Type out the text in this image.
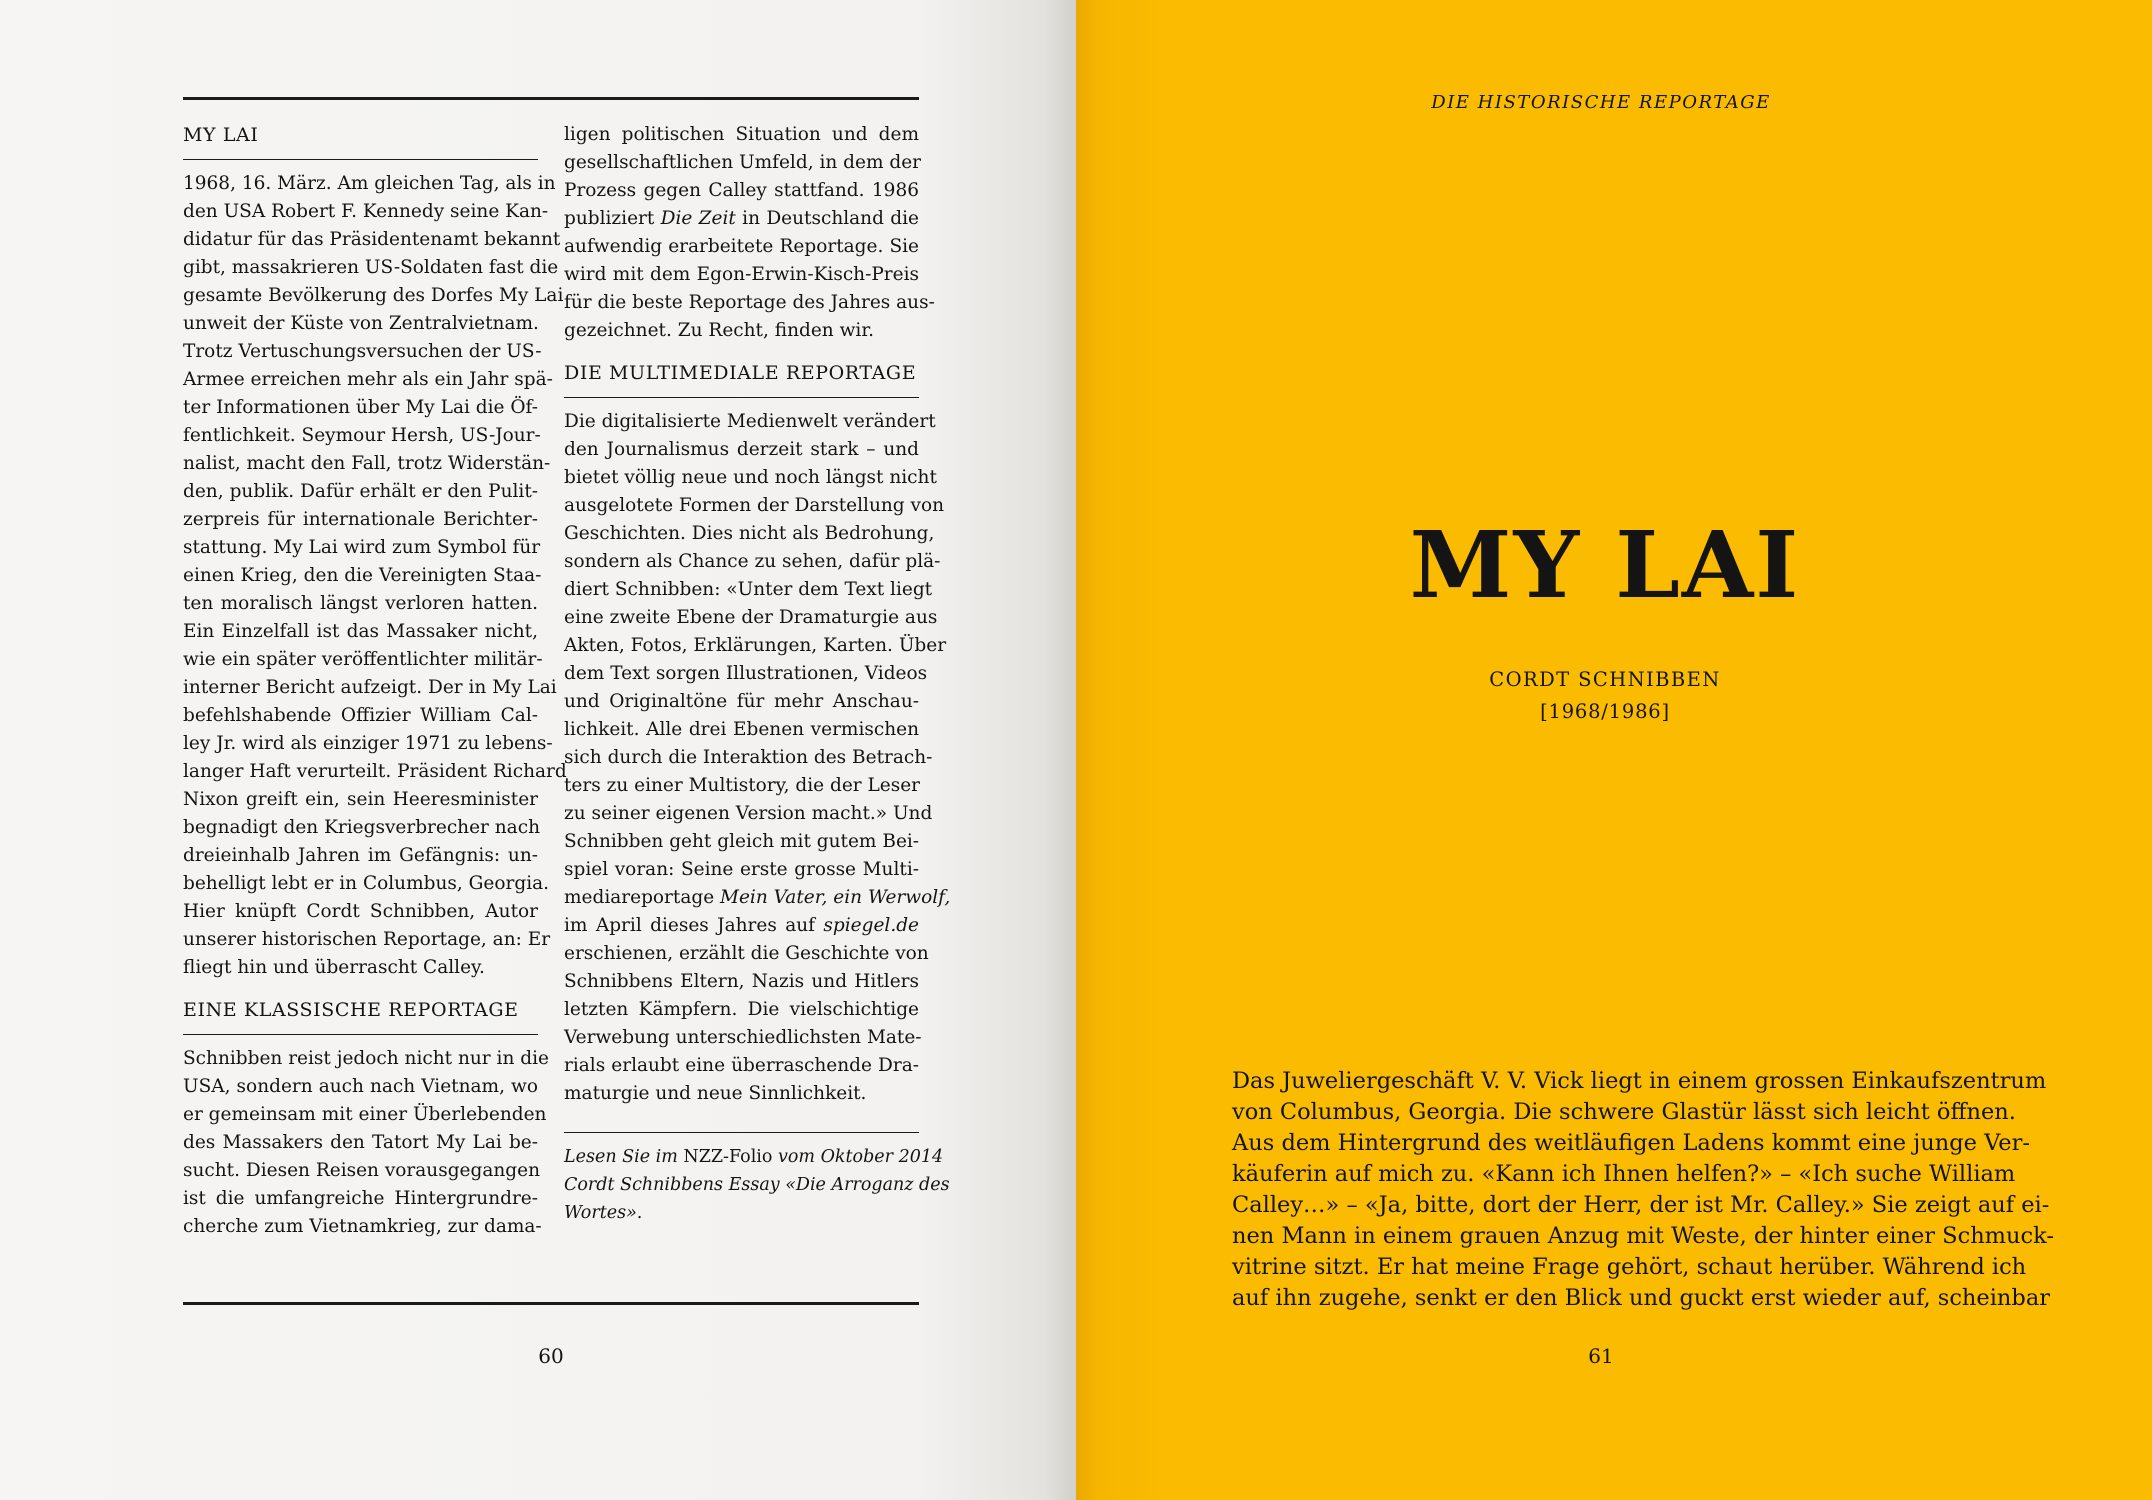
MY LAI
1968, 16. März. Am gleichen Tag, als in
den USA Robert F. Kennedy seine Kan-
didatur für das Präsidentenamt bekannt
gibt, massakrieren US-Soldaten fast die
gesamte Bevölkerung des Dorfes My Lai
unweit der Küste von Zentralvietnam.
Trotz Vertuschungsversuchen der US-
Armee erreichen mehr als ein Jahr spä-
ter Informationen über My Lai die Öf-
fentlichkeit. Seymour Hersh, US-Jour-
nalist, macht den Fall, trotz Widerstän-
den, publik. Dafür erhält er den Pulit-
zerpreis für internationale Berichter-
stattung. My Lai wird zum Symbol für
einen Krieg, den die Vereinigten Staa-
ten moralisch längst verloren hatten.
Ein Einzelfall ist das Massaker nicht,
wie ein später veröffentlichter militär-
interner Bericht aufzeigt. Der in My Lai
befehlshabende Offizier William Cal-
ley Jr. wird als einziger 1971 zu lebens-
langer Haft verurteilt. Präsident Richard
Nixon greift ein, sein Heeresminister
begnadigt den Kriegsverbrecher nach
dreieinhalb Jahren im Gefängnis: un-
behelligt lebt er in Columbus, Georgia.
Hier knüpft Cordt Schnibben, Autor
unserer historischen Reportage, an: Er
fliegt hin und überrascht Calley.
EINE KLASSISCHE REPORTAGE
Schnibben reist jedoch nicht nur in die
USA, sondern auch nach Vietnam, wo
er gemeinsam mit einer Überlebenden
des Massakers den Tatort My Lai be-
sucht. Diesen Reisen vorausgegangen
ist die umfangreiche Hintergrundre-
cherche zum Vietnamkrieg, zur dama-
ligen politischen Situation und dem
gesellschaftlichen Umfeld, in dem der
Prozess gegen Calley stattfand. 1986
publiziert Die Zeit in Deutschland die
aufwendig erarbeitete Reportage. Sie
wird mit dem Egon-Erwin-Kisch-Preis
für die beste Reportage des Jahres aus-
gezeichnet. Zu Recht, finden wir.
DIE MULTIMEDIALE REPORTAGE
Die digitalisierte Medienwelt verändert
den Journalismus derzeit stark – und
bietet völlig neue und noch längst nicht
ausgelotete Formen der Darstellung von
Geschichten. Dies nicht als Bedrohung,
sondern als Chance zu sehen, dafür plä-
diert Schnibben: «Unter dem Text liegt
eine zweite Ebene der Dramaturgie aus
Akten, Fotos, Erklärungen, Karten. Über
dem Text sorgen Illustrationen, Videos
und Originaltöne für mehr Anschau-
lichkeit. Alle drei Ebenen vermischen
sich durch die Interaktion des Betrach-
ters zu einer Multistory, die der Leser
zu seiner eigenen Version macht.» Und
Schnibben geht gleich mit gutem Bei-
spiel voran: Seine erste grosse Multi-
mediareportage Mein Vater, ein Werwolf,
im April dieses Jahres auf spiegel.de
erschienen, erzählt die Geschichte von
Schnibbens Eltern, Nazis und Hitlers
letzten Kämpfern. Die vielschichtige
Verwebung unterschiedlichsten Mate-
rials erlaubt eine überraschende Dra-
maturgie und neue Sinnlichkeit.
Lesen Sie im NZZ-Folio vom Oktober 2014
Cordt Schnibbens Essay «Die Arroganz des
Wortes».
60
DIE HISTORISCHE REPORTAGE
MY LAI
CORDT SCHNIBBEN
[1968/1986]
Das Juweliergeschäft V. V. Vick liegt in einem grossen Einkaufszentrum
von Columbus, Georgia. Die schwere Glastür lässt sich leicht öffnen.
Aus dem Hintergrund des weitläufigen Ladens kommt eine junge Ver-
käuferin auf mich zu. «Kann ich Ihnen helfen?» – «Ich suche William
Calley…» – «Ja, bitte, dort der Herr, der ist Mr. Calley.» Sie zeigt auf ei-
nen Mann in einem grauen Anzug mit Weste, der hinter einer Schmuck-
vitrine sitzt. Er hat meine Frage gehört, schaut herüber. Während ich
auf ihn zugehe, senkt er den Blick und guckt erst wieder auf, scheinbar
61
